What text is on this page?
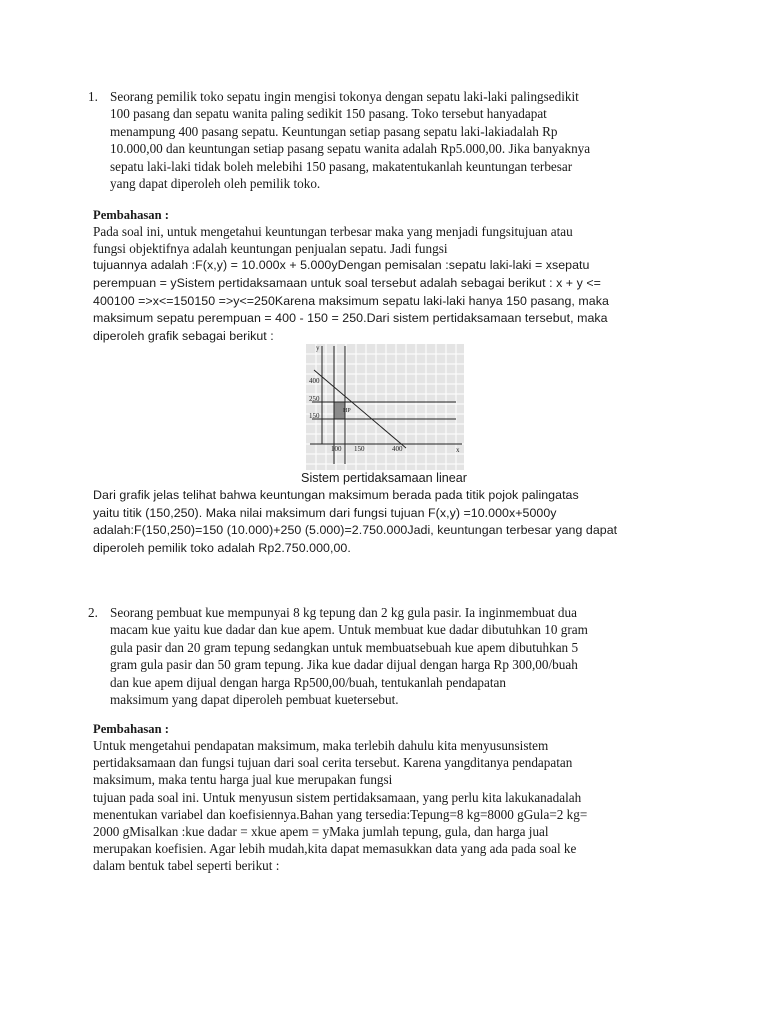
1. Seorang pemilik toko sepatu ingin mengisi tokonya dengan sepatu laki-laki palingsedikit
100 pasang dan sepatu wanita paling sedikit 150 pasang. Toko tersebut hanyadapat
menampung 400 pasang sepatu. Keuntungan setiap pasang sepatu laki-lakiadalah Rp
10.000,00 dan keuntungan setiap pasang sepatu wanita adalah Rp5.000,00. Jika banyaknya
sepatu laki-laki tidak boleh melebihi 150 pasang, makatentukanlah keuntungan terbesar
yang dapat diperoleh oleh pemilik toko.
Pembahasan :
Pada soal ini, untuk mengetahui keuntungan terbesar maka yang menjadi fungsitujuan atau
fungsi objektifnya adalah keuntungan penjualan sepatu. Jadi fungsi
tujuannya adalah :F(x,y) = 10.000x + 5.000yDengan pemisalan :sepatu laki-laki = xsepatu
perempuan = ySistem pertidaksamaan untuk soal tersebut adalah sebagai berikut : x + y <=
400100 =>x<=150150 =>y<=250Karena maksimum sepatu laki-laki hanya 150 pasang, maka
maksimum sepatu perempuan = 400 - 150 = 250.Dari sistem pertidaksamaan tersebut, maka
diperoleh grafik sebagai berikut :
y
x
400
250
150
100 150	400
HP
Sistem pertidaksamaan linear
Dari grafik jelas telihat bahwa keuntungan maksimum berada pada titik pojok palingatas
yaitu titik (150,250). Maka nilai maksimum dari fungsi tujuan F(x,y) =10.000x+5000y
adalah:F(150,250)=150 (10.000)+250 (5.000)=2.750.000Jadi, keuntungan terbesar yang dapat
diperoleh pemilik toko adalah Rp2.750.000,00.
2. Seorang pembuat kue mempunyai 8 kg tepung dan 2 kg gula pasir. Ia inginmembuat dua
macam kue yaitu kue dadar dan kue apem. Untuk membuat kue dadar dibutuhkan 10 gram
gula pasir dan 20 gram tepung sedangkan untuk membuatsebuah kue apem dibutuhkan 5
gram gula pasir dan 50 gram tepung. Jika kue dadar dijual dengan harga Rp 300,00/buah
dan kue apem dijual dengan harga Rp500,00/buah, tentukanlah pendapatan
maksimum yang dapat diperoleh pembuat kuetersebut.
Pembahasan :
Untuk mengetahui pendapatan maksimum, maka terlebih dahulu kita menyusunsistem
pertidaksamaan dan fungsi tujuan dari soal cerita tersebut. Karena yangditanya pendapatan
maksimum, maka tentu harga jual kue merupakan fungsi
tujuan pada soal ini. Untuk menyusun sistem pertidaksamaan, yang perlu kita lakukanadalah
menentukan variabel dan koefisiennya.Bahan yang tersedia:Tepung=8 kg=8000 gGula=2 kg=
2000 gMisalkan :kue dadar = xkue apem = yMaka jumlah tepung, gula, dan harga jual
merupakan koefisien. Agar lebih mudah,kita dapat memasukkan data yang ada pada soal ke
dalam bentuk tabel seperti berikut :
